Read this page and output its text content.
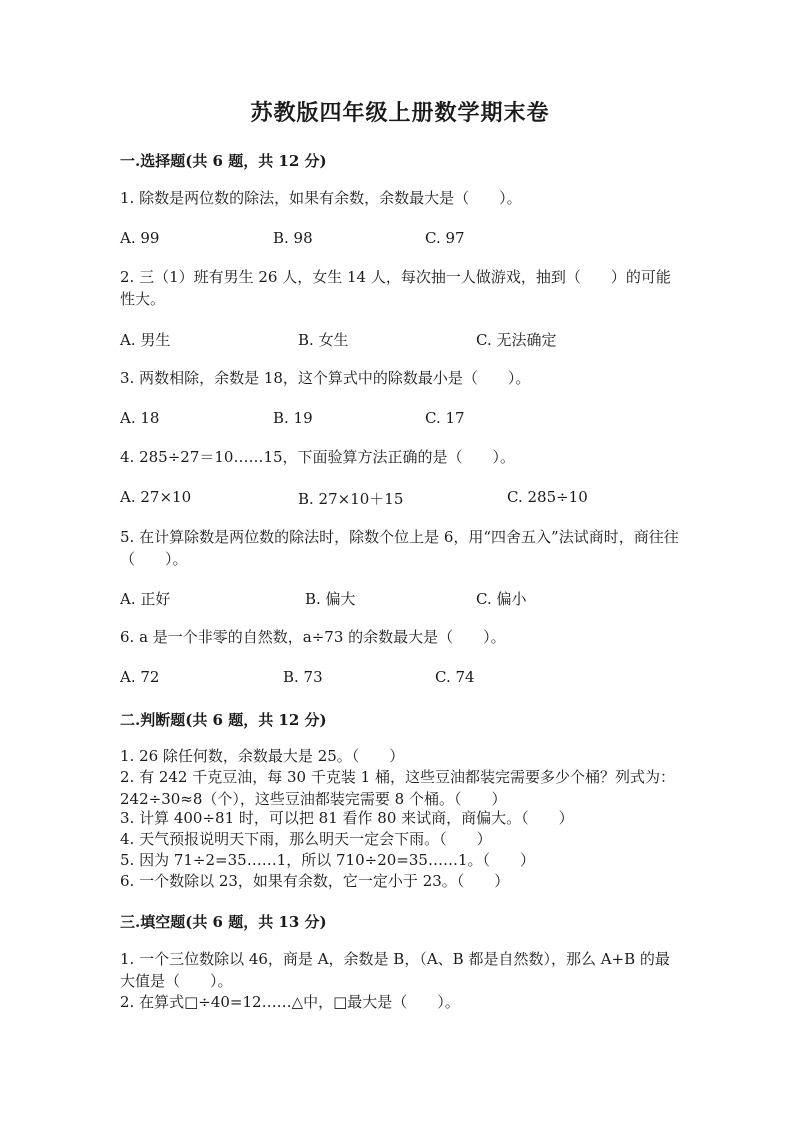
苏教版四年级上册数学期末卷
一.选择题(共 6 题，共 12 分)
1. 除数是两位数的除法，如果有余数，余数最大是（　　）。
A. 99	B. 98	C. 97
2. 三（1）班有男生 26 人，女生 14 人，每次抽一人做游戏，抽到（　　）的可能性大。
A. 男生	B. 女生	C. 无法确定
3. 两数相除，余数是 18，这个算式中的除数最小是（　　）。
A. 18	B. 19	C. 17
4. 285÷27＝10……15，下面验算方法正确的是（　　）。
A. 27×10	B. 27×10＋15	C. 285÷10
5. 在计算除数是两位数的除法时，除数个位上是 6，用“四舍五入”法试商时，商往往（　　）。
A. 正好	B. 偏大	C. 偏小
6. a 是一个非零的自然数，a÷73 的余数最大是（　　）。
A. 72	B. 73	C. 74
二.判断题(共 6 题，共 12 分)
1. 26 除任何数，余数最大是 25。（　　）
2. 有 242 千克豆油，每 30 千克装 1 桶，这些豆油都装完需要多少个桶？列式为：242÷30≈8（个），这些豆油都装完需要 8 个桶。（　　）
3. 计算 400÷81 时，可以把 81 看作 80 来试商，商偏大。（　　）
4. 天气预报说明天下雨，那么明天一定会下雨。（　　）
5. 因为 71÷2=35……1，所以 710÷20=35……1。（　　）
6. 一个数除以 23，如果有余数，它一定小于 23。（　　）
三.填空题(共 6 题，共 13 分)
1. 一个三位数除以 46，商是 A，余数是 B，（A、B 都是自然数），那么 A+B 的最大值是（　　）。
2. 在算式□÷40=12……△中，□最大是（　　）。
